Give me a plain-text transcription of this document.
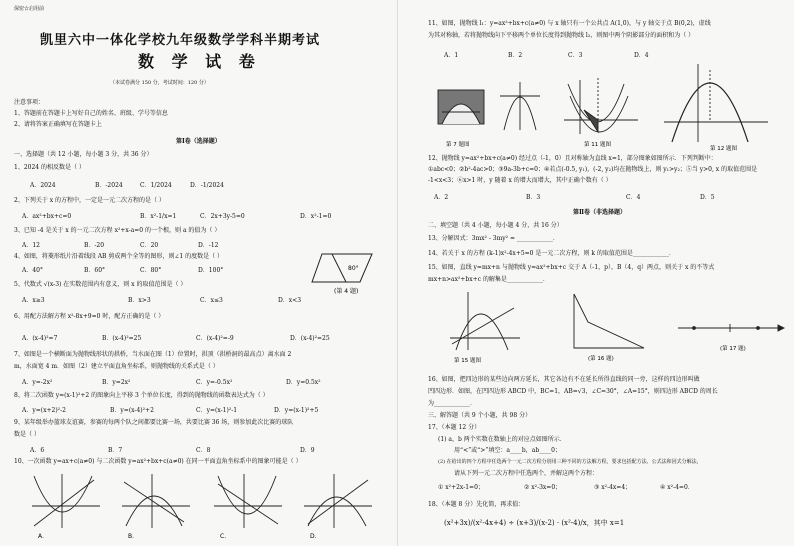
保密☆启用前
凯里六中一体化学校九年级数学学科半期考试
数 学 试 卷
（本试卷满分 150 分，考试时间：120 分）
注意事项：
1、答题前在答题卡上写好自己的姓名、班级、学号等信息
2、请将答案正确填写在答题卡上
第Ⅰ卷（选择题）
一、选择题（共 12 小题，每小题 3 分，共 36 分）
1、2024 的相反数是（ ）
A．2024	B．-2024	C．1/2024	D．-1/2024
2、下列关于 x 的方程中，一定是一元二次方程的是（ ）
A．ax²+bx+c=0	B．x²-1/x=1	C．2x+3y-5=0	D．x²-1=0
3、已知 -4 是关于 x 的一元二次方程 x²+x-a=0 的一个根，则 a 的值为（ ）
A．12	B．-20	C．20	D．-12
4、如图，将菱形纸片沿着线段 AB 剪成两个全等的图形，则∠1 的度数是（ ）
A．40°	B．60°	C．80°	D．100°	80°
(第 4 题)
5、代数式 √(x-3) 在实数范围内有意义，则 x 的取值范围是（ ）
A．x≥3	B．x>3	C．x≤3	D．x<3
6、用配方法解方程 x²-8x+9=0 时，配方正确的是（ ）
A．(x-4)²=7	B．(x-4)²=25	C．(x-4)²=-9	D．(x-4)²=25
7、如图是一个横断面为抛物线形状的拱桥，当水面在图（1）位置时，拱顶（拱桥洞的最高点）离水面 2
m，水面宽 4 m．如图（2）建立平面直角坐标系，则抛物线的关系式是（ ）
A．y=-2x²	B．y=2x²	C．y=-0.5x²	D．y=0.5x²
8、将二次函数 y=(x-1)²+2 的图象向上平移 3 个单位长度，得到的抛物线的函数表达式为（ ）
A．y=(x+2)²-2	B．y=(x-4)²+2	C．y=(x-1)²-1	D．y=(x-1)²+5
9、某年级举办篮球友谊赛，参赛的每两个队之间都要比赛一场，共要比赛 36 场，则参加此次比赛的球队
数是（ ）
A．6	B．7	C．8	D．9
10、一次函数 y=ax+c(a≠0) 与二次函数 y=ax²+bx+c(a≠0) 在同一平面直角坐标系中的图象可能是（ ）
A．	B．	C．	D．
11、如图，抛物线 l₁：y=ax²+bx+c(a≠0) 与 x 轴只有一个公共点 A(1,0)，与 y 轴交于点 B(0,2)，虚线
为其对称轴，若将抛物线向下平移两个单位长度得到抛物线 l₂，则图中两个阴影部分的面积和为（ ）
A．1	B．2	C．3	D．4
第 7 题图	第 11 题图
第 12 题图
12、抛物线 y=ax²+bx+c(a≠0) 经过点（-1，0）且对称轴为直线 x=1，部分图象如图所示．下列判断中：
①abc<0；②b²-4ac>0；③9a-3b+c=0；④若点(-0.5, y₁)，(-2, y₂)均在抛物线上，则 y₁>y₂；⑤当 y>0, x 的取值范围是
-1<x<3；⑥x>1 时，y 随着 x 的增大而增大，其中正确个数有（ ）
A．2	B．3	C．4	D．5
第Ⅱ卷（非选择题）
二、填空题（共 4 小题，每小题 4 分，共 16 分）
13、分解因式：3mx² - 3my² = ____________．
14、若关于 x 的方程 (k-1)x²-4x+5=0 是一元二次方程，则 k 的取值范围是____________．
15、如图，直线 y=mx+n 与抛物线 y=ax²+bx+c 交于 A（-1，p），B（4，q）两点，则关于 x 的不等式
mx+n>ax²+bx+c 的解集是____________．
第 15 题图	(第 16 题)
(第 17 题)
16、如图，把四边形的某些边向两方延长，其它各边有不在延长所得直线的同一旁，这样的四边形叫做
凹四边形．如图，在凹四边形 ABCD 中，BC=1，AB=√3，∠C=30°，∠A=15°，则四边形 ABCD 的周长
为____________．
三、解答题（共 9 个小题，共 98 分）
17、（本题 12 分）
(1) a，b 两个实数在数轴上的对应点如图所示．
用“<”或“>”填空：a____b，ab____0；
(2) 在给出的四个方程中任选两个一元二次方程分别用三种不同的方法解方程，要求包括配方法、公式法和因式分解法，
请从下列一元二次方程中任选两个，并解这两个方程：
① x²+2x-1=0；	② x²-3x=0；	③ x²-4x=4；	④ x²-4=0．
18、（本题 8 分）先化简，再求值：
(x²+3x)/(x²-4x+4) ÷ (x+3)/(x-2) · (x²-4)/x，其中 x=1
